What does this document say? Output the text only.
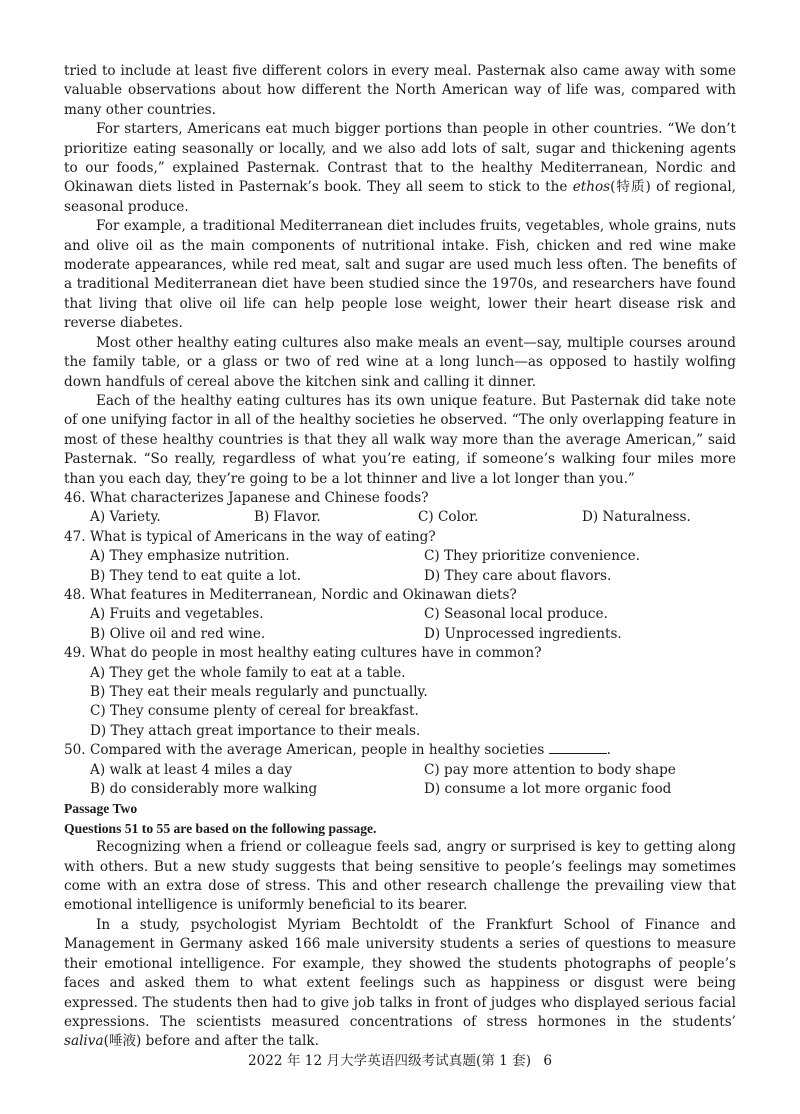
tried to include at least five different colors in every meal. Pasternak also came away with some valuable observations about how different the North American way of life was, compared with many other countries.

For starters, Americans eat much bigger portions than people in other countries. “We don’t prioritize eating seasonally or locally, and we also add lots of salt, sugar and thickening agents to our foods,” explained Pasternak. Contrast that to the healthy Mediterranean, Nordic and Okinawan diets listed in Pasternak’s book. They all seem to stick to the ethos(特质) of regional, seasonal produce.

For example, a traditional Mediterranean diet includes fruits, vegetables, whole grains, nuts and olive oil as the main components of nutritional intake. Fish, chicken and red wine make moderate appearances, while red meat, salt and sugar are used much less often. The benefits of a traditional Mediterranean diet have been studied since the 1970s, and researchers have found that living that olive oil life can help people lose weight, lower their heart disease risk and reverse diabetes.

Most other healthy eating cultures also make meals an event—say, multiple courses around the family table, or a glass or two of red wine at a long lunch—as opposed to hastily wolfing down handfuls of cereal above the kitchen sink and calling it dinner.

Each of the healthy eating cultures has its own unique feature. But Pasternak did take note of one unifying factor in all of the healthy societies he observed. “The only overlapping feature in most of these healthy countries is that they all walk way more than the average American,” said Pasternak. “So really, regardless of what you’re eating, if someone’s walking four miles more than you each day, they’re going to be a lot thinner and live a lot longer than you.”

46. What characterizes Japanese and Chinese foods?
A) Variety.	B) Flavor.	C) Color.	D) Naturalness.
47. What is typical of Americans in the way of eating?
A) They emphasize nutrition.	C) They prioritize convenience.
B) They tend to eat quite a lot.	D) They care about flavors.
48. What features in Mediterranean, Nordic and Okinawan diets?
A) Fruits and vegetables.	C) Seasonal local produce.
B) Olive oil and red wine.	D) Unprocessed ingredients.
49. What do people in most healthy eating cultures have in common?
A) They get the whole family to eat at a table.
B) They eat their meals regularly and punctually.
C) They consume plenty of cereal for breakfast.
D) They attach great importance to their meals.
50. Compared with the average American, people in healthy societies	.
A) walk at least 4 miles a day	C) pay more attention to body shape
B) do considerably more walking	D) consume a lot more organic food
Passage Two
Questions 51 to 55 are based on the following passage.

Recognizing when a friend or colleague feels sad, angry or surprised is key to getting along with others. But a new study suggests that being sensitive to people’s feelings may sometimes come with an extra dose of stress. This and other research challenge the prevailing view that emotional intelligence is uniformly beneficial to its bearer.

In a study, psychologist Myriam Bechtoldt of the Frankfurt School of Finance and Management in Germany asked 166 male university students a series of questions to measure their emotional intelligence. For example, they showed the students photographs of people’s faces and asked them to what extent feelings such as happiness or disgust were being expressed. The students then had to give job talks in front of judges who displayed serious facial expressions. The scientists measured concentrations of stress hormones in the students’ saliva(唾液) before and after the talk.

2022 年 12 月大学英语四级考试真题(第 1 套) 6
